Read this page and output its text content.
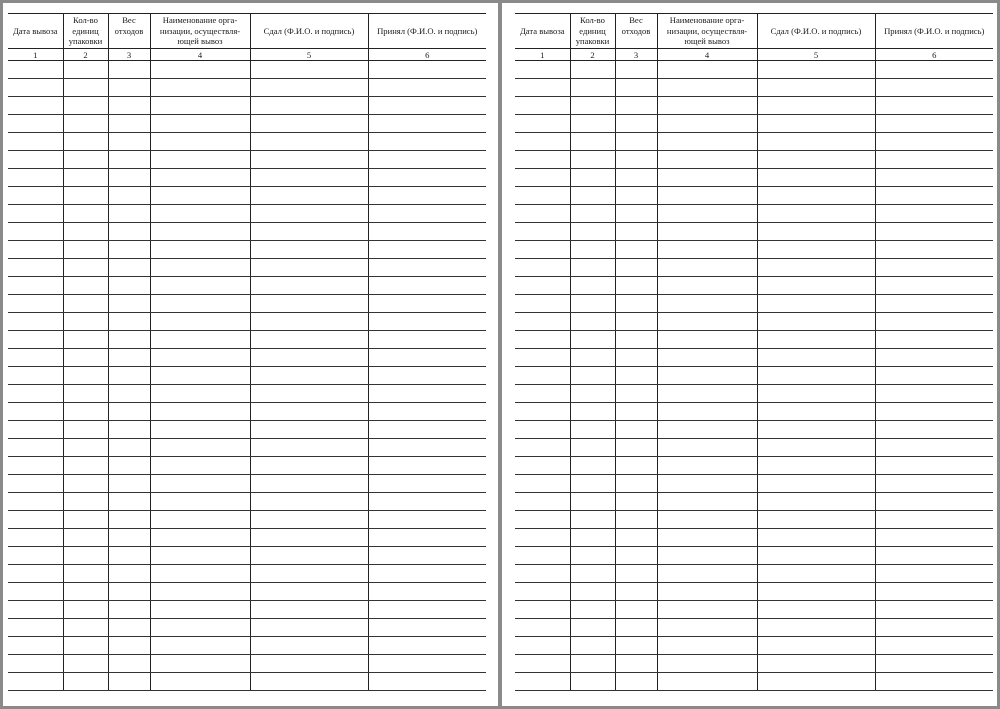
Дата вывоза	Кол-во единиц упаковки	Вес отходов	Наименование орга-низации, осуществля-ющей вывоз	Сдал (Ф.И.О. и подпись)	Принял (Ф.И.О. и подпись)
1	2	3	4	5	6

Дата вывоза	Кол-во единиц упаковки	Вес отходов	Наименование орга-низации, осуществля-ющей вывоз	Сдал (Ф.И.О. и подпись)	Принял (Ф.И.О. и подпись)
1	2	3	4	5	6
